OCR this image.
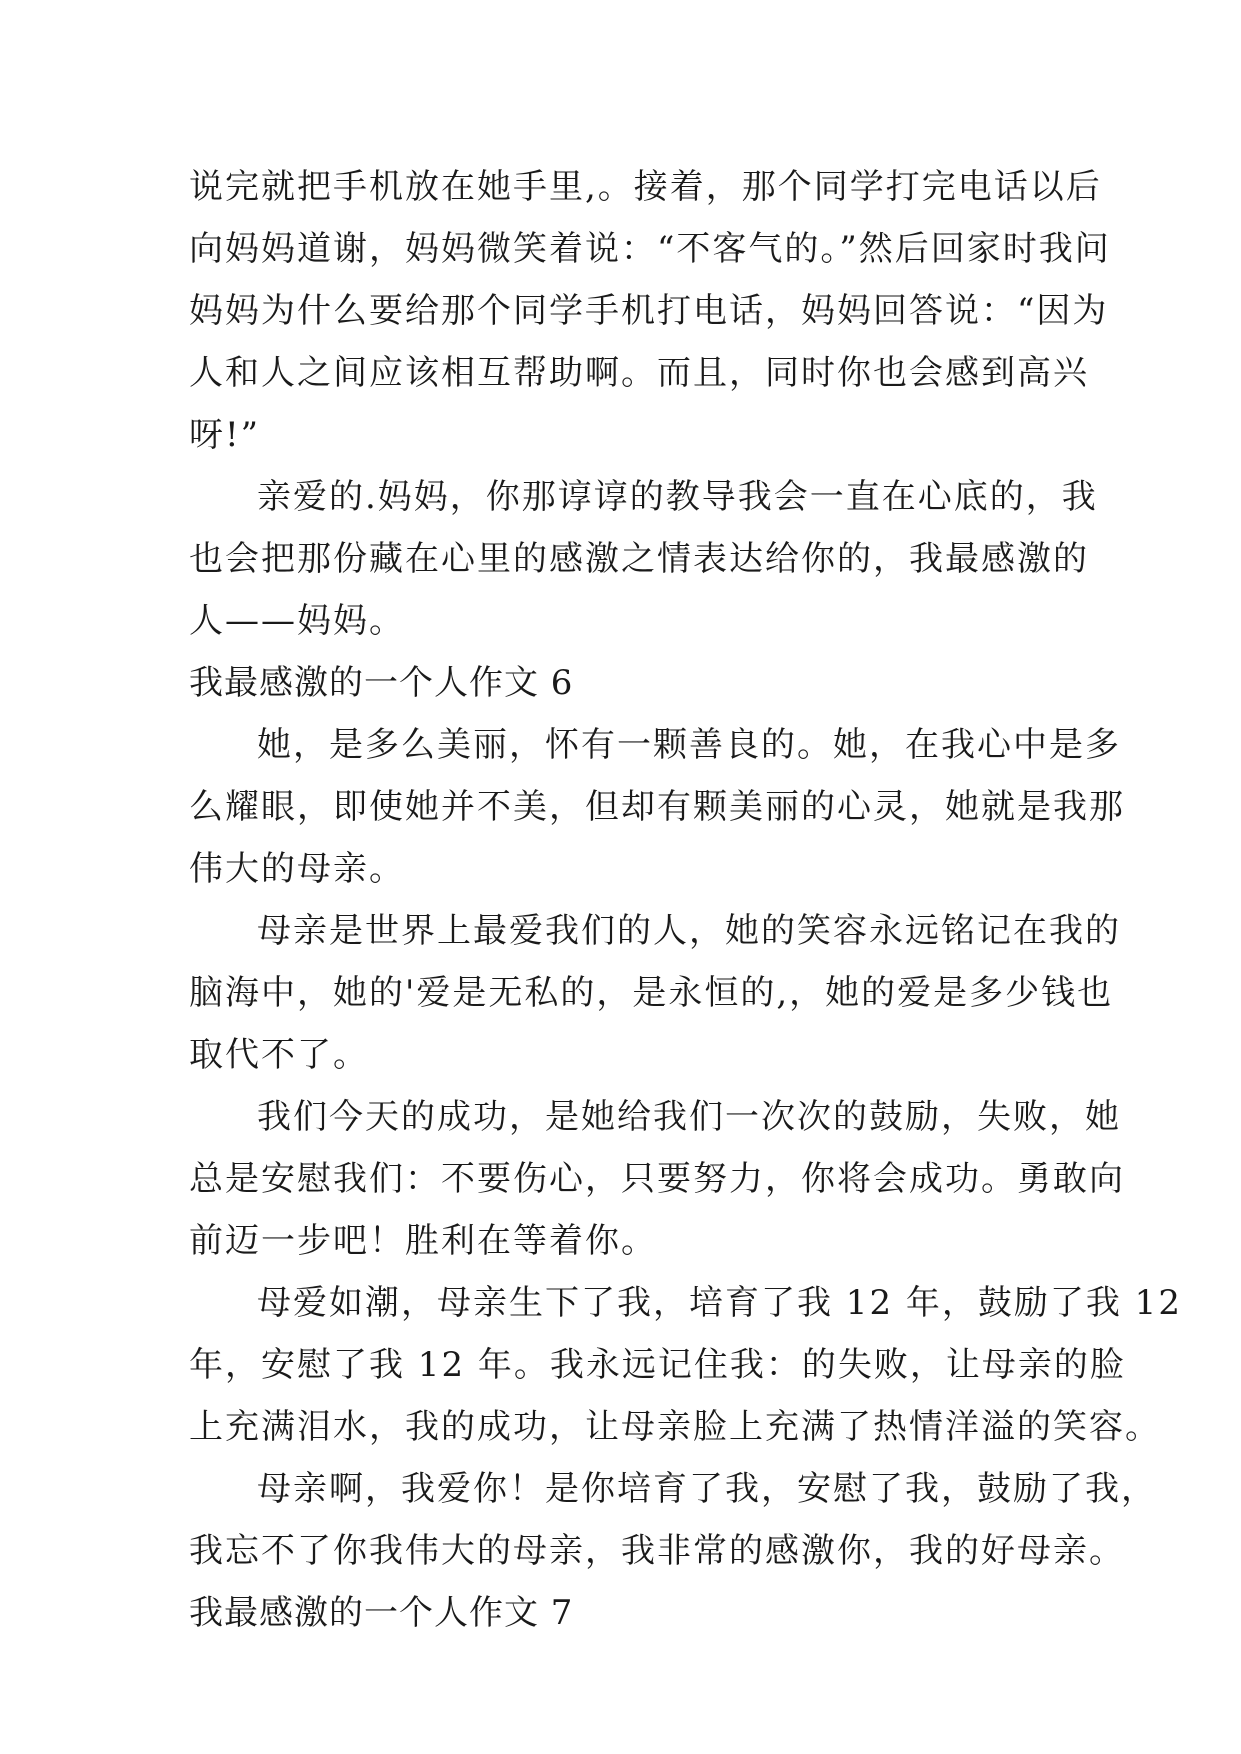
说完就把手机放在她手里,。接着，那个同学打完电话以后
向妈妈道谢，妈妈微笑着说：“不客气的。”然后回家时我问
妈妈为什么要给那个同学手机打电话，妈妈回答说：“因为
人和人之间应该相互帮助啊。而且，同时你也会感到高兴
呀!”
亲爱的.妈妈，你那谆谆的教导我会一直在心底的，我
也会把那份藏在心里的感激之情表达给你的，我最感激的
人——妈妈。
我最感激的一个人作文 6
她，是多么美丽，怀有一颗善良的。她，在我心中是多
么耀眼，即使她并不美，但却有颗美丽的心灵，她就是我那
伟大的母亲。
母亲是世界上最爱我们的人，她的笑容永远铭记在我的
脑海中，她的'爱是无私的，是永恒的,，她的爱是多少钱也
取代不了。
我们今天的成功，是她给我们一次次的鼓励，失败，她
总是安慰我们：不要伤心，只要努力，你将会成功。勇敢向
前迈一步吧！胜利在等着你。
母爱如潮，母亲生下了我，培育了我 12 年，鼓励了我 12
年，安慰了我 12 年。我永远记住我：的失败，让母亲的脸
上充满泪水，我的成功，让母亲脸上充满了热情洋溢的笑容。
母亲啊，我爱你！是你培育了我，安慰了我，鼓励了我，
我忘不了你我伟大的母亲，我非常的感激你，我的好母亲。
我最感激的一个人作文 7
